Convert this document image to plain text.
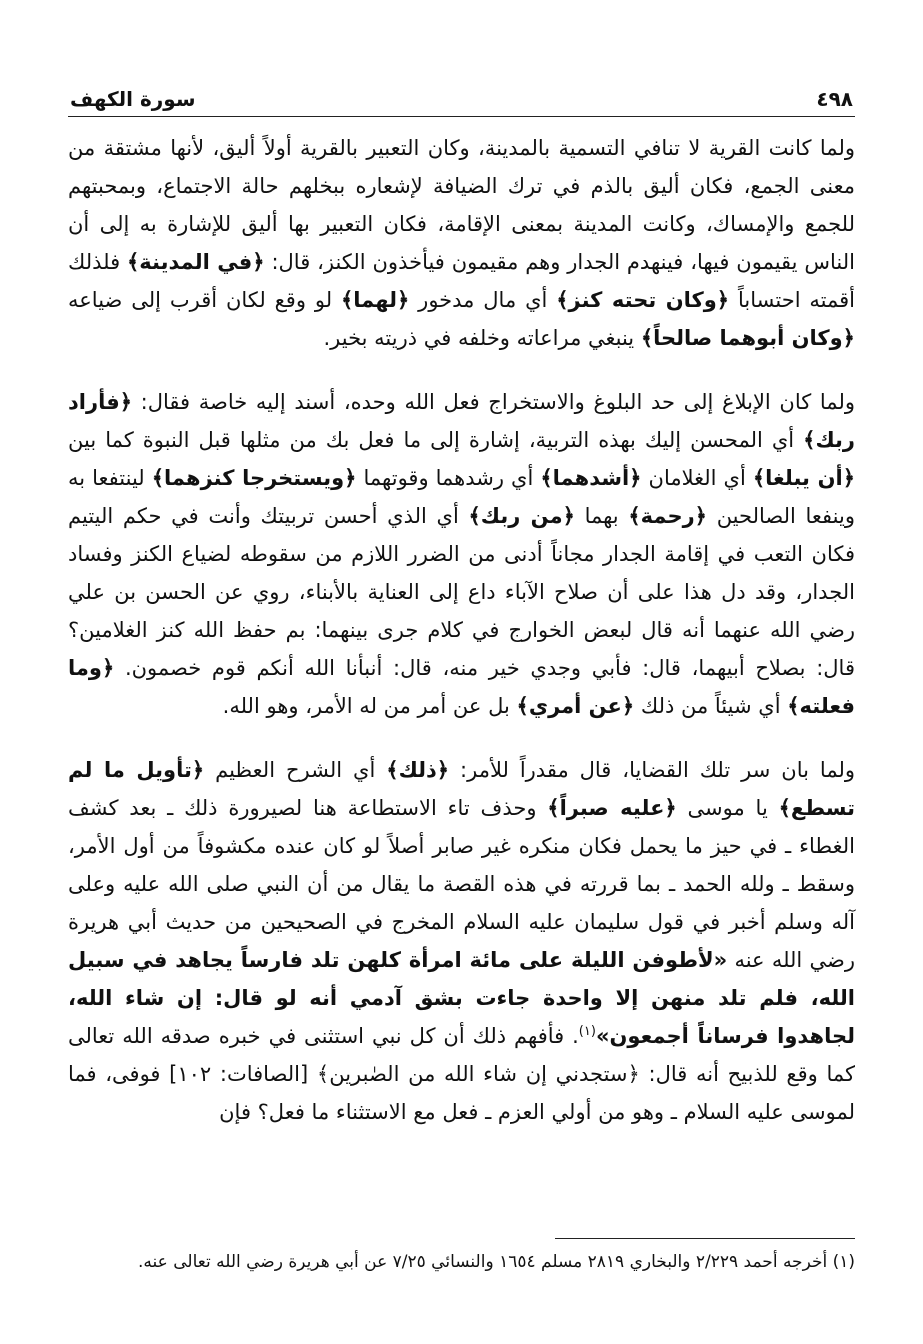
٤٩٨
سورة الكهف

ولما كانت القرية لا تنافي التسمية بالمدينة، وكان التعبير بالقرية أولاً أليق، لأنها مشتقة من معنى الجمع، فكان أليق بالذم في ترك الضيافة لإشعاره ببخلهم حالة الاجتماع، وبمحبتهم للجمع والإمساك، وكانت المدينة بمعنى الإقامة، فكان التعبير بها أليق للإشارة به إلى أن الناس يقيمون فيها، فينهدم الجدار وهم مقيمون فيأخذون الكنز، قال: ﴿في المدينة﴾ فلذلك أقمته احتساباً ﴿وكان تحته كنز﴾ أي مال مدخور ﴿لهما﴾ لو وقع لكان أقرب إلى ضياعه ﴿وكان أبوهما صالحاً﴾ ينبغي مراعاته وخلفه في ذريته بخير.

ولما كان الإبلاغ إلى حد البلوغ والاستخراج فعل الله وحده، أسند إليه خاصة فقال: ﴿فأراد ربك﴾ أي المحسن إليك بهذه التربية، إشارة إلى ما فعل بك من مثلها قبل النبوة كما بين ﴿أن يبلغا﴾ أي الغلامان ﴿أشدهما﴾ أي رشدهما وقوتهما ﴿ويستخرجا كنزهما﴾ لينتفعا به وينفعا الصالحين ﴿رحمة﴾ بهما ﴿من ربك﴾ أي الذي أحسن تربيتك وأنت في حكم اليتيم فكان التعب في إقامة الجدار مجاناً أدنى من الضرر اللازم من سقوطه لضياع الكنز وفساد الجدار، وقد دل هذا على أن صلاح الآباء داع إلى العناية بالأبناء، روي عن الحسن بن علي رضي الله عنهما أنه قال لبعض الخوارج في كلام جرى بينهما: بم حفظ الله كنز الغلامين؟ قال: بصلاح أبيهما، قال: فأبي وجدي خير منه، قال: أنبأنا الله أنكم قوم خصمون. ﴿وما فعلته﴾ أي شيئاً من ذلك ﴿عن أمري﴾ بل عن أمر من له الأمر، وهو الله.

ولما بان سر تلك القضايا، قال مقدراً للأمر: ﴿ذلك﴾ أي الشرح العظيم ﴿تأويل ما لم تسطع﴾ يا موسى ﴿عليه صبراً﴾ وحذف تاء الاستطاعة هنا لصيرورة ذلك ـ بعد كشف الغطاء ـ في حيز ما يحمل فكان منكره غير صابر أصلاً لو كان عنده مكشوفاً من أول الأمر، وسقط ـ ولله الحمد ـ بما قررته في هذه القصة ما يقال من أن النبي صلى الله عليه وعلى آله وسلم أخبر في قول سليمان عليه السلام المخرج في الصحيحين من حديث أبي هريرة رضي الله عنه «لأطوفن الليلة على مائة امرأة كلهن تلد فارساً يجاهد في سبيل الله، فلم تلد منهن إلا واحدة جاءت بشق آدمي أنه لو قال: إن شاء الله، لجاهدوا فرساناً أجمعون»$^{(١)}$. فأفهم ذلك أن كل نبي استثنى في خبره صدقه الله تعالى كما وقع للذبيح أنه قال: ﴿ستجدني إن شاء الله من الصٰبرين﴾ [الصافات: ١٠٢] فوفى، فما لموسى عليه السلام ـ وهو من أولي العزم ـ فعل مع الاستثناء ما فعل؟ فإن

(١) أخرجه أحمد ٢/٢٢٩ والبخاري ٢٨١٩ مسلم ١٦٥٤ والنسائي ٧/٢٥ عن أبي هريرة رضي الله تعالى عنه.
